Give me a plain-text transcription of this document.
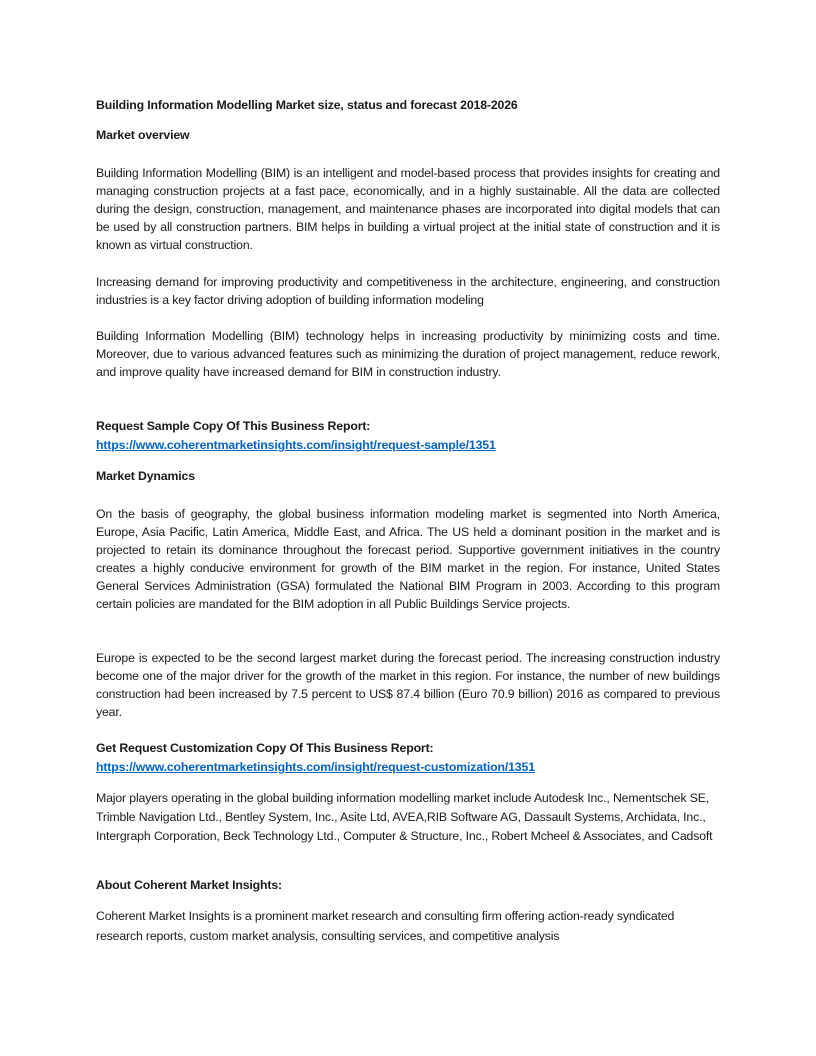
Building Information Modelling Market size, status and forecast 2018-2026
Market overview

Building Information Modelling (BIM) is an intelligent and model-based process that provides insights for creating and managing construction projects at a fast pace, economically, and in a highly sustainable. All the data are collected during the design, construction, management, and maintenance phases are incorporated into digital models that can be used by all construction partners. BIM helps in building a virtual project at the initial state of construction and it is known as virtual construction.

Increasing demand for improving productivity and competitiveness in the architecture, engineering, and construction industries is a key factor driving adoption of building information modeling

Building Information Modelling (BIM) technology helps in increasing productivity by minimizing costs and time. Moreover, due to various advanced features such as minimizing the duration of project management, reduce rework, and improve quality have increased demand for BIM in construction industry.

Request Sample Copy Of This Business Report:
https://www.coherentmarketinsights.com/insight/request-sample/1351
Market Dynamics

On the basis of geography, the global business information modeling market is segmented into North America, Europe, Asia Pacific, Latin America, Middle East, and Africa. The US held a dominant position in the market and is projected to retain its dominance throughout the forecast period. Supportive government initiatives in the country creates a highly conducive environment for growth of the BIM market in the region. For instance, United States General Services Administration (GSA) formulated the National BIM Program in 2003. According to this program certain policies are mandated for the BIM adoption in all Public Buildings Service projects.

Europe is expected to be the second largest market during the forecast period. The increasing construction industry become one of the major driver for the growth of the market in this region. For instance, the number of new buildings construction had been increased by 7.5 percent to US$ 87.4 billion (Euro 70.9 billion) 2016 as compared to previous year.

Get Request Customization Copy Of This Business Report:
https://www.coherentmarketinsights.com/insight/request-customization/1351

Major players operating in the global building information modelling market include Autodesk Inc., Nementschek SE, Trimble Navigation Ltd., Bentley System, Inc., Asite Ltd, AVEA,RIB Software AG, Dassault Systems, Archidata, Inc., Intergraph Corporation, Beck Technology Ltd., Computer & Structure, Inc., Robert Mcheel & Associates, and Cadsoft

About Coherent Market Insights:

Coherent Market Insights is a prominent market research and consulting firm offering action-ready syndicated research reports, custom market analysis, consulting services, and competitive analysis
